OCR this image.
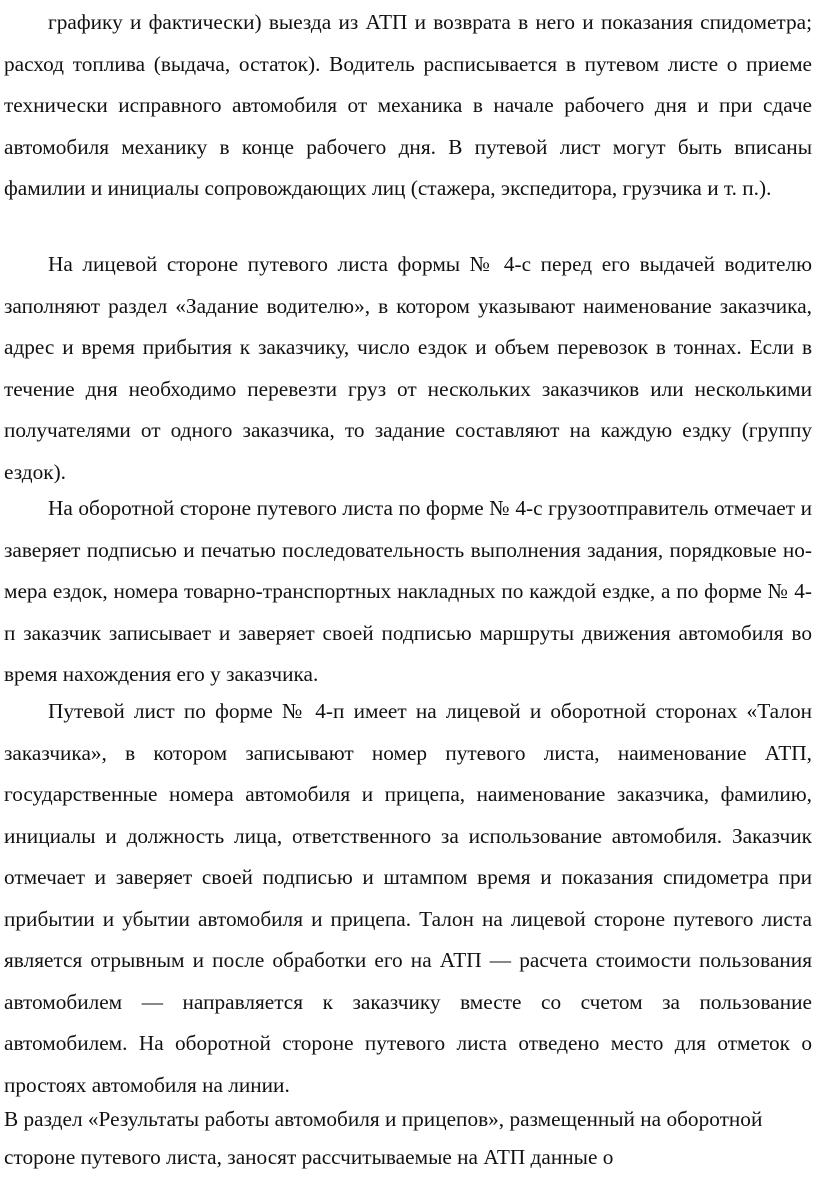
графику и фактически) выезда из АТП и возврата в него и показания спидометра; расход топлива (выдача, остаток). Водитель расписывается в путевом листе о приеме технически исправного автомобиля от механика в начале рабочего дня и при сдаче автомобиля механику в конце рабочего дня. В путевой лист могут быть вписаны фамилии и инициалы сопровождающих лиц (стажера, экспедитора, грузчика и т. п.).

На лицевой стороне путевого листа формы № 4-с перед его выдачей водителю заполняют раздел «Задание водителю», в котором указывают наименование заказчика, адрес и время прибытия к заказчику, число ездок и объем перевозок в тоннах. Если в течение дня необходимо перевезти груз от нескольких заказчиков или несколькими получателями от одного заказчика, то задание составляют на каждую ездку (группу ездок).

На оборотной стороне путевого листа по форме № 4-с грузоотправитель отмечает и заверяет подписью и печатью последовательность выполнения задания, порядковые но-мера ездок, номера товарно-транспортных накладных по каждой ездке, а по форме № 4-п заказчик записывает и заверяет своей подписью маршруты движения автомобиля во время нахождения его у заказчика.

Путевой лист по форме № 4-п имеет на лицевой и оборотной сторонах «Талон заказчика», в котором записывают номер путевого листа, наименование АТП, государственные номера автомобиля и прицепа, наименование заказчика, фамилию, инициалы и должность лица, ответственного за использование автомобиля. Заказчик отмечает и заверяет своей подписью и штампом время и показания спидометра при прибытии и убытии автомобиля и прицепа. Талон на лицевой стороне путевого листа является отрывным и после обработки его на АТП — расчета стоимости пользования автомобилем — направляется к заказчику вместе со счетом за пользование автомобилем. На оборотной стороне путевого листа отведено место для отметок о простоях автомобиля на линии.

В раздел «Результаты работы автомобиля и прицепов», размещенный на оборотной стороне путевого листа, заносят рассчитываемые на АТП данные о
